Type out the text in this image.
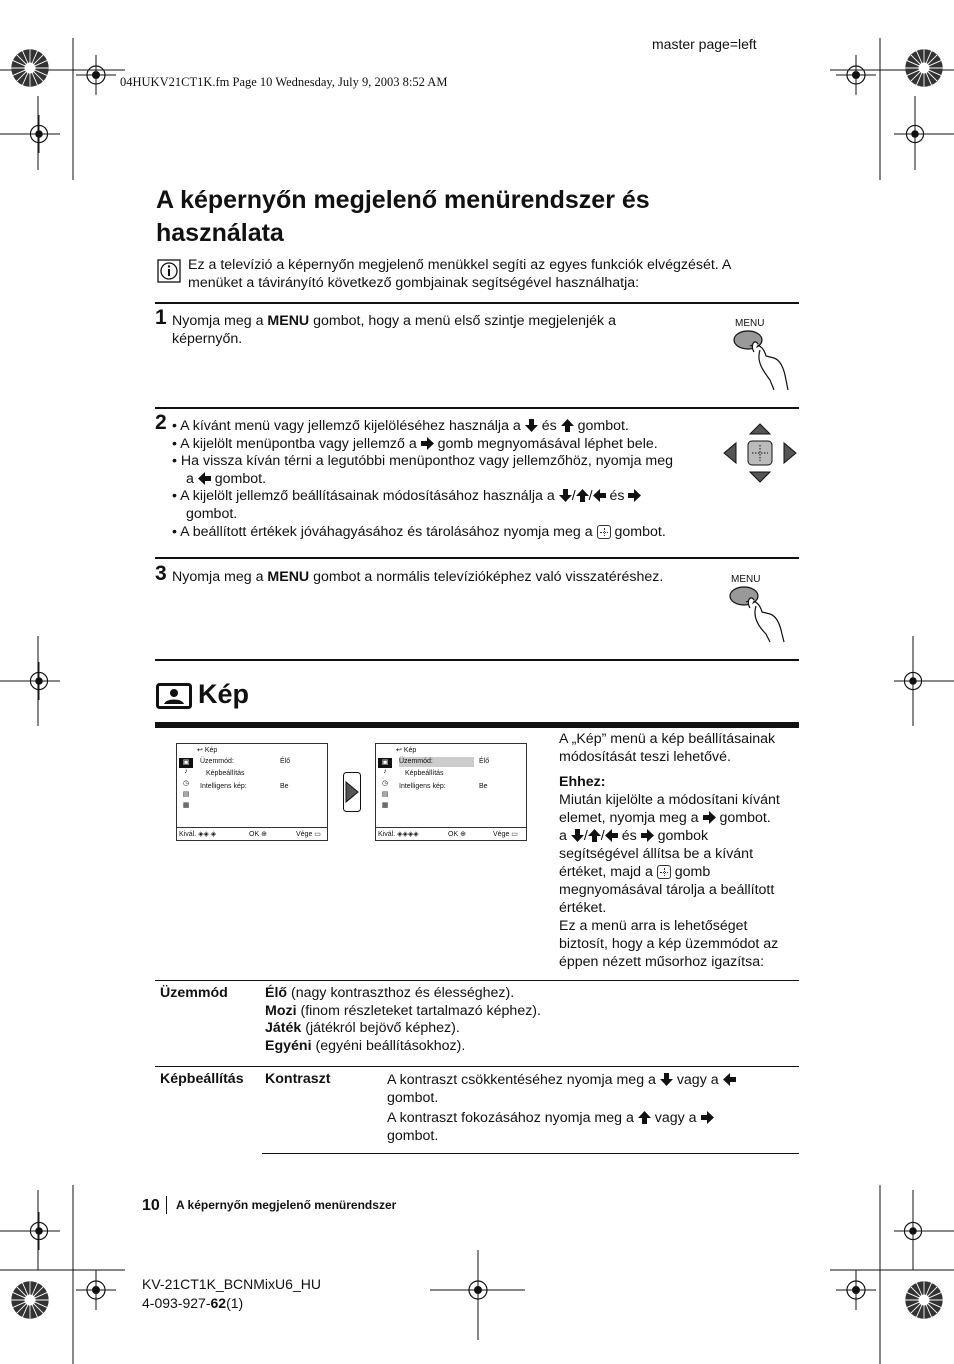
master page=left
04HUKV21CT1K.fm Page 10 Wednesday, July 9, 2003 8:52 AM
A képernyőn megjelenő menürendszer és
használata
Ez a televízió a képernyőn megjelenő menükkel segíti az egyes funkciók elvégzését. A
menüket a távirányító következő gombjainak segítségével használhatja:
1 Nyomja meg a MENU gombot, hogy a menü első szintje megjelenjék a
képernyőn.
MENU
2 • A kívánt menü vagy jellemző kijelöléséhez használja a és gombot.
• A kijelölt menüpontba vagy jellemző a gomb megnyomásával léphet bele.
• Ha vissza kíván térni a legutóbbi menüponthoz vagy jellemzőhöz, nyomja meg
a gombot.
• A kijelölt jellemző beállításainak módosításához használja a / / és
gombot.
• A beállított értékek jóváhagyásához és tárolásához nyomja meg a gombot.
3 Nyomja meg a MENU gombot a normális televízióképhez való visszatéréshez.	MENU
Kép
↩ Kép
▣
♪
◷
▤
▦
Üzemmód:	Élő
Képbeállítás
Intelligens kép:	Be
Kivál. ◈◈ ◈	OK ⊕	Vége ▭
↩ Kép
▣
♪
◷
▤
▦
Üzemmód:	Élő
Képbeállítás
Intelligens kép:	Be
Kivál. ◈◈◈◈	OK ⊕	Vége ▭
A „Kép” menü a kép beállításainak
módosítását teszi lehetővé.
Ehhez:
Miután kijelölte a módosítani kívánt
elemet, nyomja meg a gombot.
a / / és gombok
segítségével állítsa be a kívánt
értéket, majd a gomb
megnyomásával tárolja a beállított
értéket.
Ez a menü arra is lehetőséget
biztosít, hogy a kép üzemmódot az
éppen nézett műsorhoz igazítsa:
Üzemmód	Élő (nagy kontraszthoz és élességhez).
Mozi (finom részleteket tartalmazó képhez).
Játék (játékról bejövő képhez).
Egyéni (egyéni beállításokhoz).
Képbeállítás Kontraszt	A kontraszt csökkentéséhez nyomja meg a vagy a
gombot.
A kontraszt fokozásához nyomja meg a vagy a
gombot.
10 A képernyőn megjelenő menürendszer
KV-21CT1K_BCNMixU6_HU
4-093-927-62(1)
